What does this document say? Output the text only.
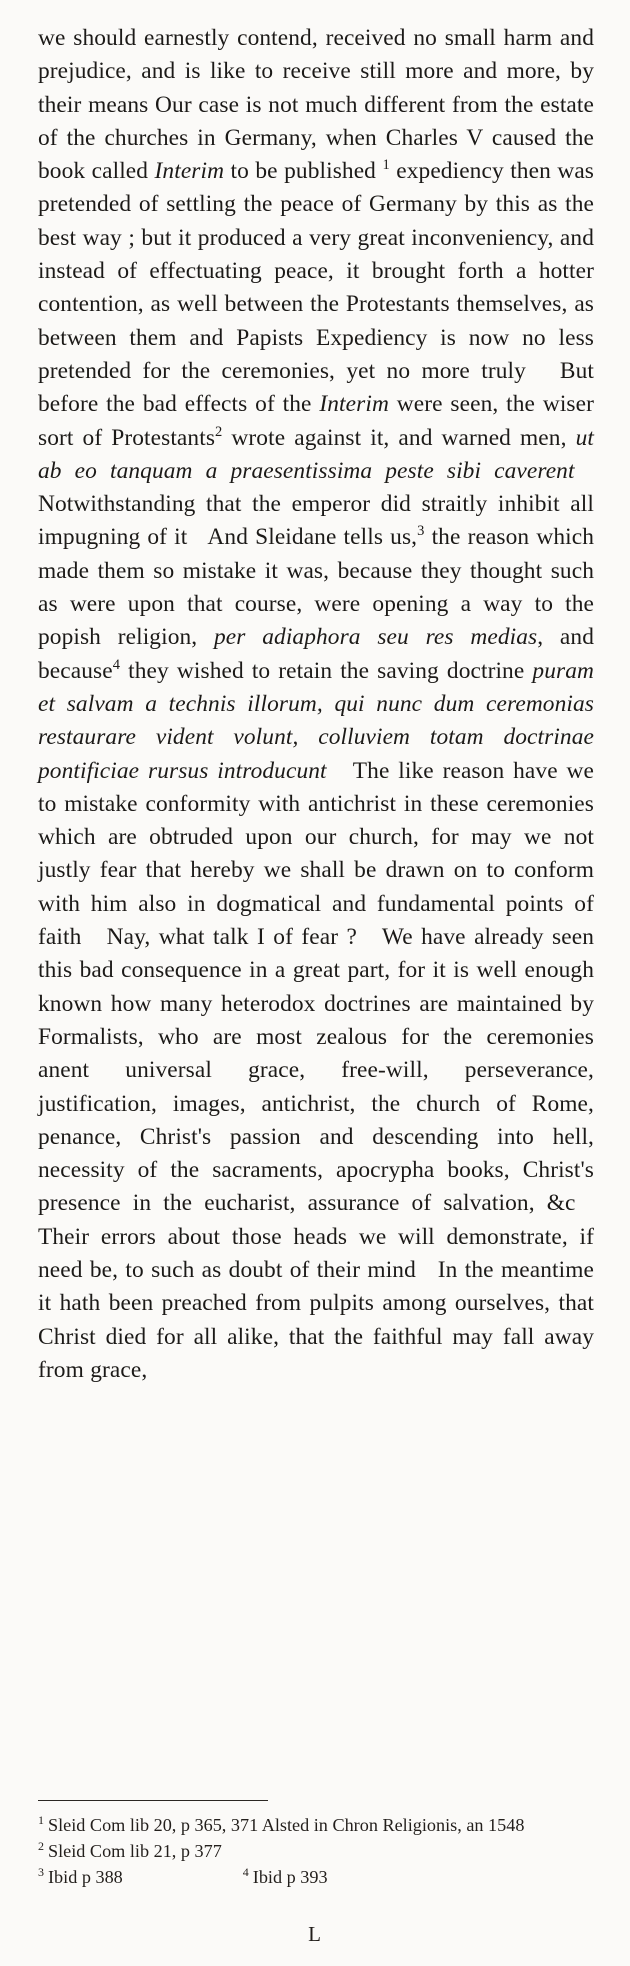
we should earnestly contend, received no small harm and prejudice, and is like to receive still more and more, by their means Our case is not much different from the estate of the churches in Germany, when Charles V caused the book called Interim to be published $^1$ expediency then was pretended of settling the peace of Germany by this as the best way ; but it produced a very great inconveniency, and instead of effectuating peace, it brought forth a hotter contention, as well between the Protestants themselves, as between them and Papists Expediency is now no less pretended for the ceremonies, yet no more truly   But before the bad effects of the Interim were seen, the wiser sort of Protestants$^2$ wrote against it, and warned men, ut ab eo tanquam a praesentissima peste sibi caverent   Notwithstanding that the emperor did straitly inhibit all impugning of it   And Sleidane tells us,$^3$ the reason which made them so mistake it was, because they thought such as were upon that course, were opening a way to the popish religion, per adiaphora seu res medias, and because$^4$ they wished to retain the saving doctrine puram et salvam a technis illorum, qui nunc dum ceremonias restaurare vident volunt, colluviem totam doctrinae pontificiae rursus introducunt   The like reason have we to mistake conformity with antichrist in these ceremonies which are obtruded upon our church, for may we not justly fear that hereby we shall be drawn on to conform with him also in dogmatical and fundamental points of faith   Nay, what talk I of fear ?   We have already seen this bad consequence in a great part, for it is well enough known how many heterodox doctrines are maintained by Formalists, who are most zealous for the ceremonies anent universal grace, free-will, perseverance, justification, images, antichrist, the church of Rome, penance, Christ's passion and descending into hell, necessity of the sacraments, apocrypha books, Christ's presence in the eucharist, assurance of salvation, &c   Their errors about those heads we will demonstrate, if need be, to such as doubt of their mind   In the meantime it hath been preached from pulpits among ourselves, that Christ died for all alike, that the faithful may fall away from grace,

$^1$ Sleid Com lib 20, p 365, 371 Alsted in Chron Religionis, an 1548
$^2$ Sleid Com lib 21, p 377
$^3$ Ibid p 388	$^4$ Ibid p 393
L
